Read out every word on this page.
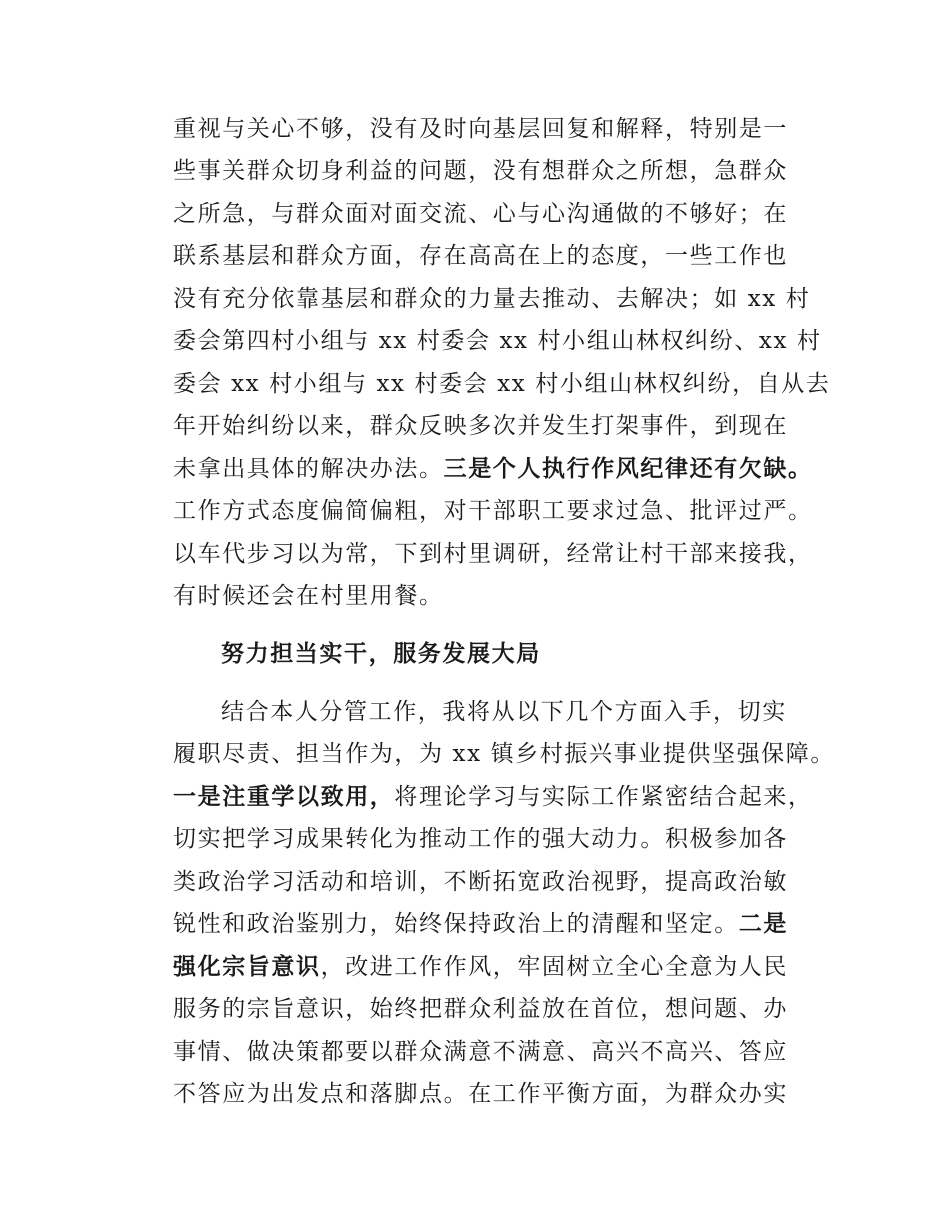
重视与关心不够，没有及时向基层回复和解释，特别是一
些事关群众切身利益的问题，没有想群众之所想，急群众
之所急，与群众面对面交流、心与心沟通做的不够好；在
联系基层和群众方面，存在高高在上的态度，一些工作也
没有充分依靠基层和群众的力量去推动、去解决；如 xx 村
委会第四村小组与 xx 村委会 xx 村小组山林权纠纷、xx 村
委会 xx 村小组与 xx 村委会 xx 村小组山林权纠纷，自从去
年开始纠纷以来，群众反映多次并发生打架事件，到现在
未拿出具体的解决办法。三是个人执行作风纪律还有欠缺。
工作方式态度偏简偏粗，对干部职工要求过急、批评过严。
以车代步习以为常，下到村里调研，经常让村干部来接我，
有时候还会在村里用餐。
努力担当实干，服务发展大局
结合本人分管工作，我将从以下几个方面入手，切实
履职尽责、担当作为，为 xx 镇乡村振兴事业提供坚强保障。
一是注重学以致用，将理论学习与实际工作紧密结合起来，
切实把学习成果转化为推动工作的强大动力。积极参加各
类政治学习活动和培训，不断拓宽政治视野，提高政治敏
锐性和政治鉴别力，始终保持政治上的清醒和坚定。二是
强化宗旨意识，改进工作作风，牢固树立全心全意为人民
服务的宗旨意识，始终把群众利益放在首位，想问题、办
事情、做决策都要以群众满意不满意、高兴不高兴、答应
不答应为出发点和落脚点。在工作平衡方面，为群众办实
